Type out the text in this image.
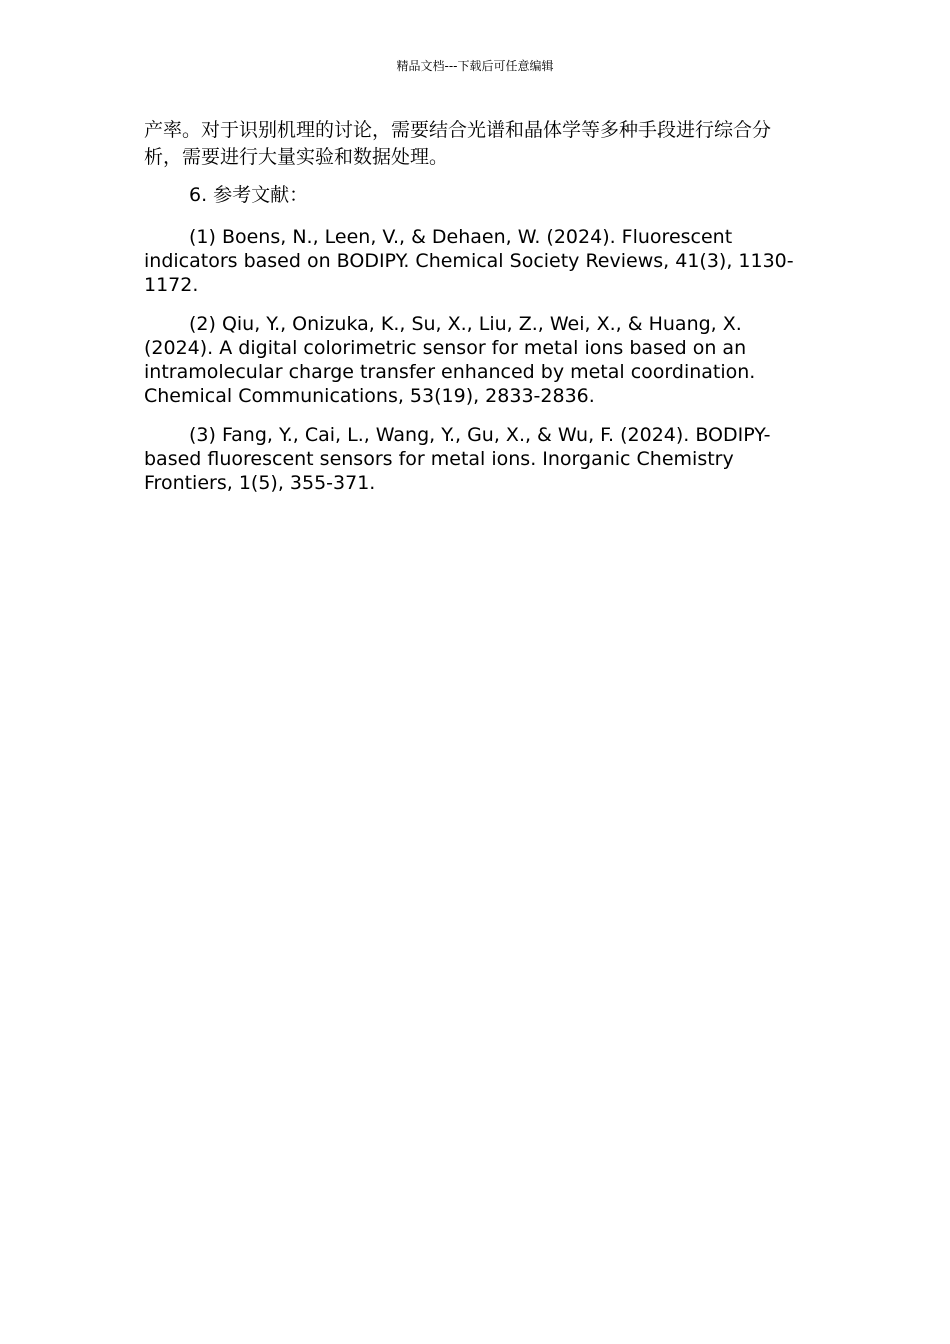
精品文档---下载后可任意编辑

产率。对于识别机理的讨论，需要结合光谱和晶体学等多种手段进行综合分析，需要进行大量实验和数据处理。

6. 参考文献：

(1) Boens, N., Leen, V., & Dehaen, W. (2024). Fluorescent indicators based on BODIPY. Chemical Society Reviews, 41(3), 1130-1172.

(2) Qiu, Y., Onizuka, K., Su, X., Liu, Z., Wei, X., & Huang, X. (2024). A digital colorimetric sensor for metal ions based on an intramolecular charge transfer enhanced by metal coordination. Chemical Communications, 53(19), 2833-2836.

(3) Fang, Y., Cai, L., Wang, Y., Gu, X., & Wu, F. (2024). BODIPY-based fluorescent sensors for metal ions. Inorganic Chemistry Frontiers, 1(5), 355-371.
